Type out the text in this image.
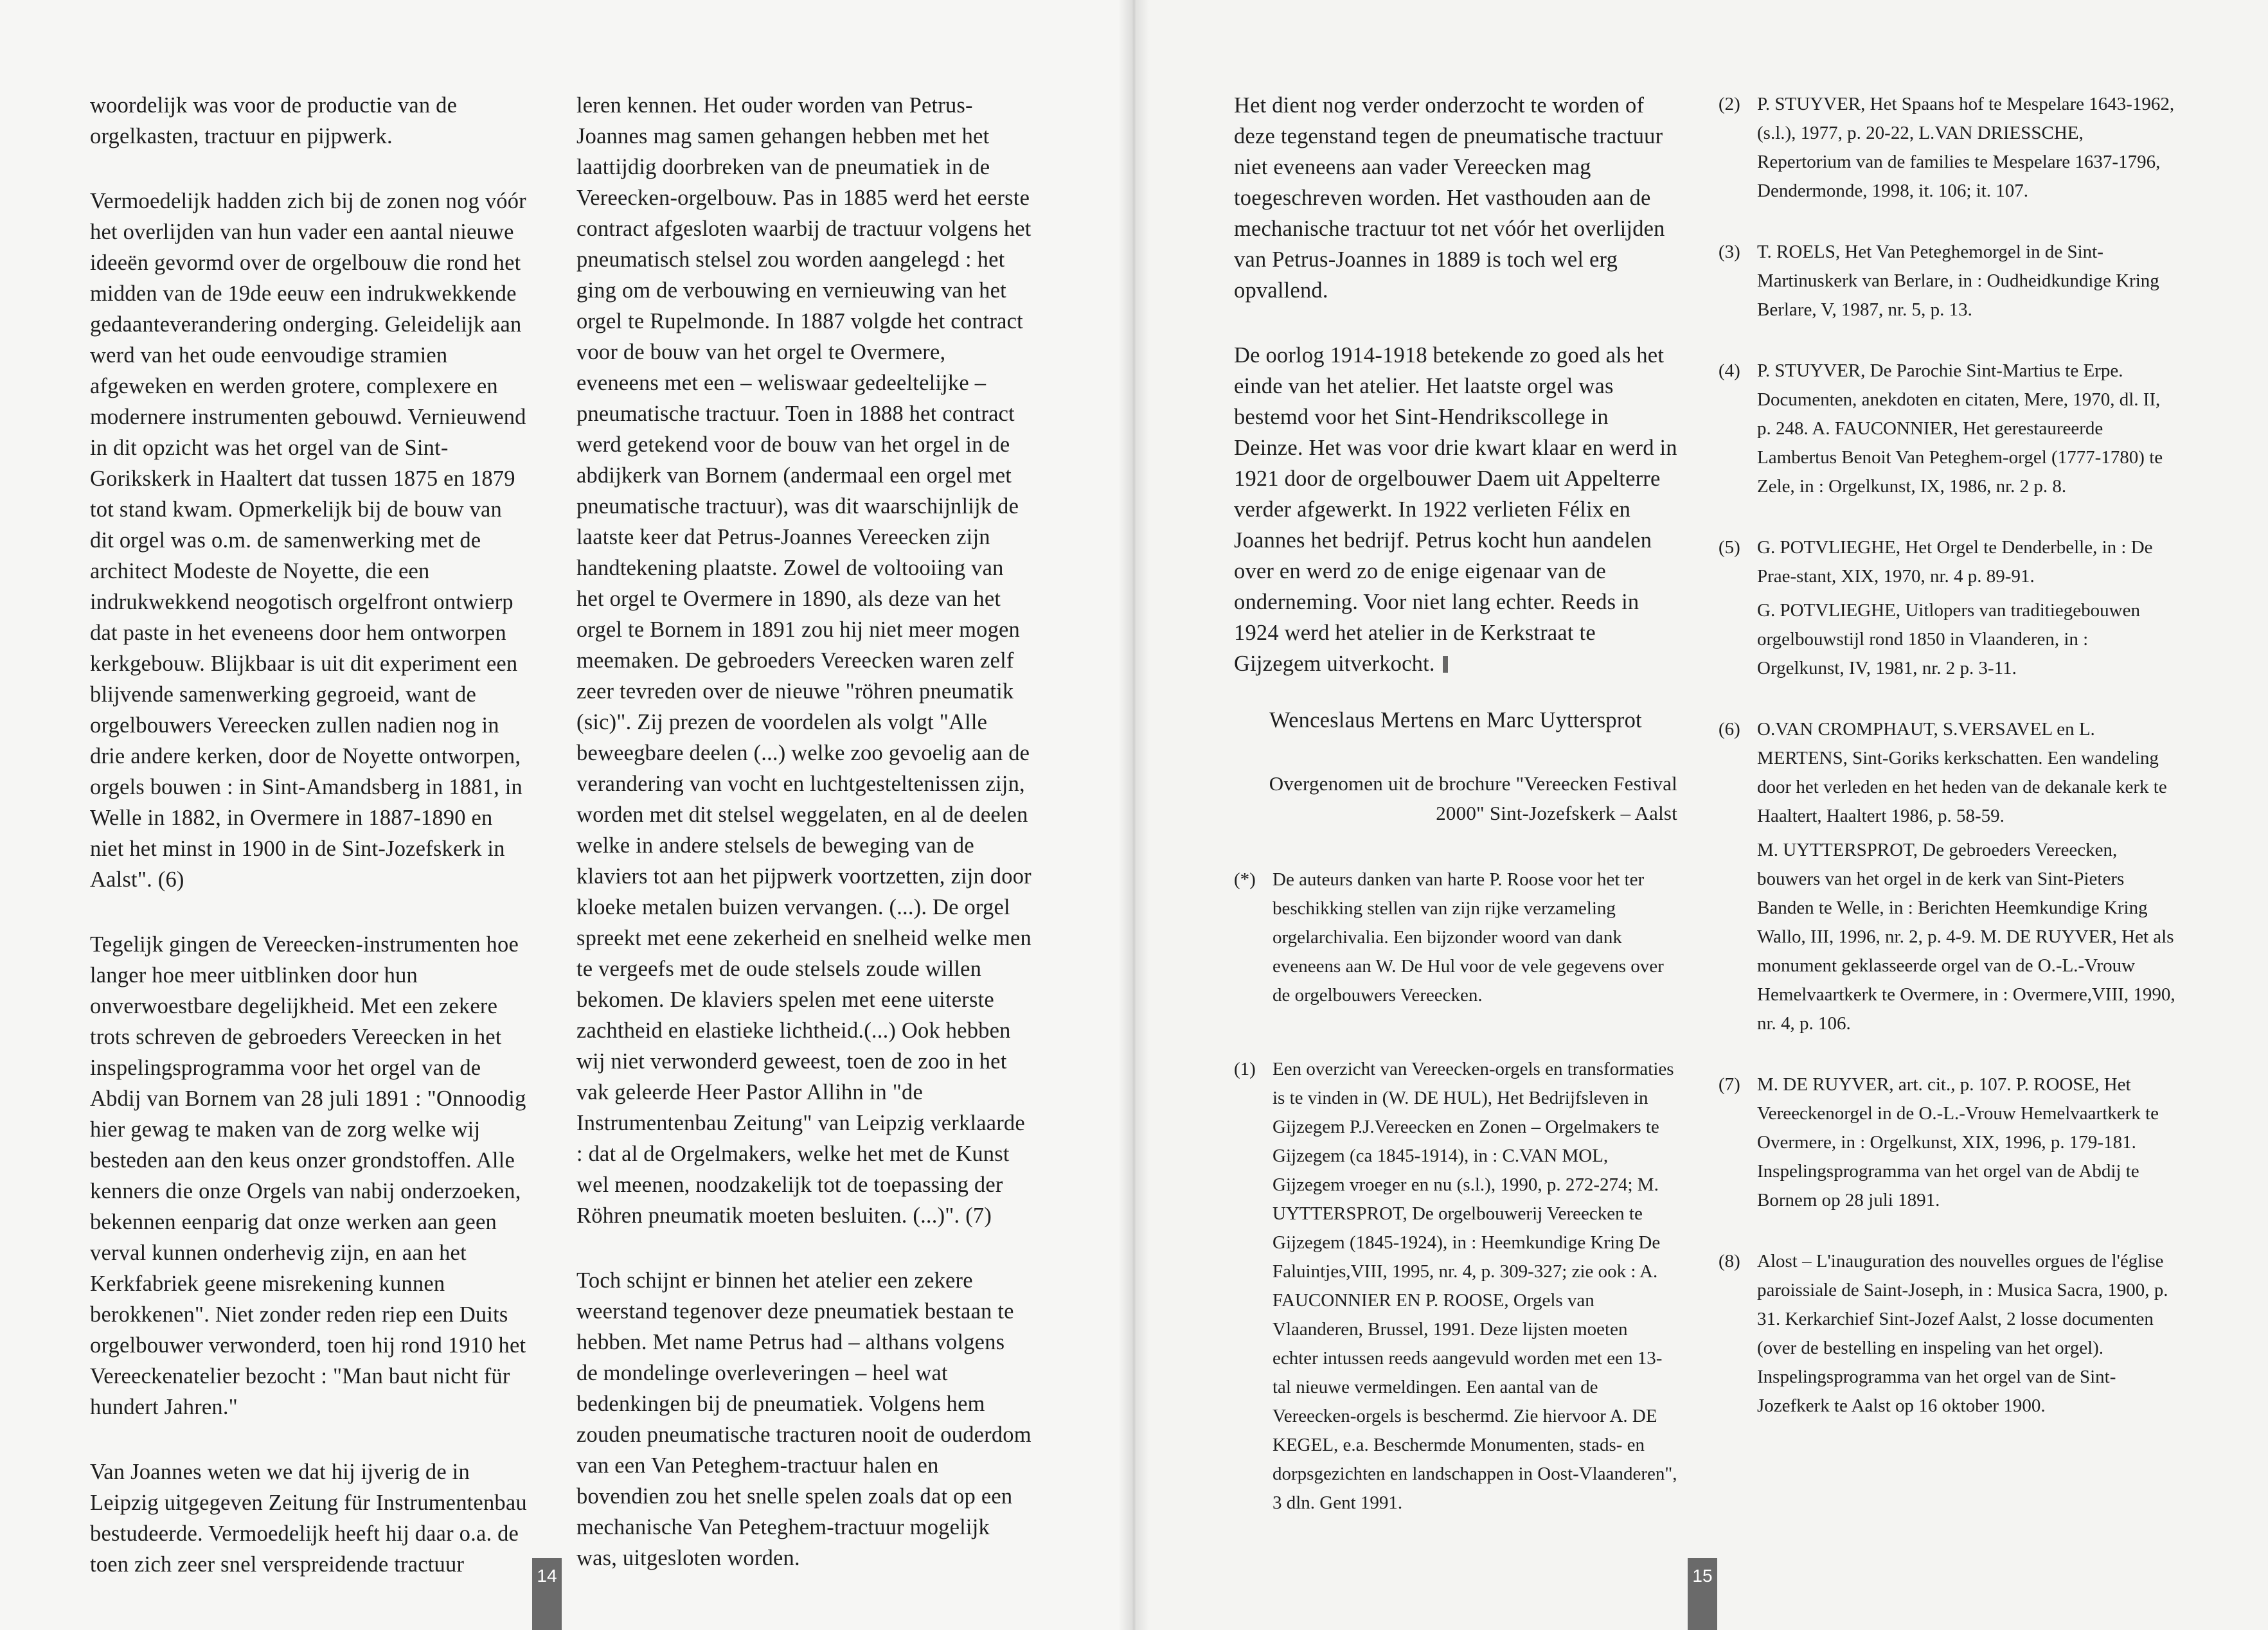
woordelijk was voor de productie van de orgelkasten, tractuur en pijpwerk.

Vermoedelijk hadden zich bij de zonen nog vóór het overlijden van hun vader een aantal nieuwe ideeën gevormd over de orgelbouw die rond het midden van de 19de eeuw een indrukwekkende gedaanteverandering onderging. Geleidelijk aan werd van het oude eenvoudige stramien afgeweken en werden grotere, complexere en modernere instrumenten gebouwd. Vernieuwend in dit opzicht was het orgel van de Sint-Gorikskerk in Haaltert dat tussen 1875 en 1879 tot stand kwam. Opmerkelijk bij de bouw van dit orgel was o.m. de samenwerking met de architect Modeste de Noyette, die een indrukwekkend neogotisch orgelfront ontwierp dat paste in het eveneens door hem ontworpen kerkgebouw. Blijkbaar is uit dit experiment een blijvende samenwerking gegroeid, want de orgelbouwers Vereecken zullen nadien nog in drie andere kerken, door de Noyette ontworpen, orgels bouwen : in Sint-Amandsberg in 1881, in Welle in 1882, in Overmere in 1887-1890 en niet het minst in 1900 in de Sint-Jozefskerk in Aalst". (6)

Tegelijk gingen de Vereecken-instrumenten hoe langer hoe meer uitblinken door hun onverwoestbare degelijkheid. Met een zekere trots schreven de gebroeders Vereecken in het inspelingsprogramma voor het orgel van de Abdij van Bornem van 28 juli 1891 : "Onnoodig hier gewag te maken van de zorg welke wij besteden aan den keus onzer grondstoffen. Alle kenners die onze Orgels van nabij onderzoeken, bekennen eenparig dat onze werken aan geen verval kunnen onderhevig zijn, en aan het Kerkfabriek geene misrekening kunnen berokkenen". Niet zonder reden riep een Duits orgelbouwer verwonderd, toen hij rond 1910 het Vereeckenatelier bezocht : "Man baut nicht für hundert Jahren."

Van Joannes weten we dat hij ijverig de in Leipzig uitgegeven Zeitung für Instrumentenbau bestudeerde. Vermoedelijk heeft hij daar o.a. de toen zich zeer snel verspreidende tractuur

leren kennen. Het ouder worden van Petrus-Joannes mag samen gehangen hebben met het laattijdig doorbreken van de pneumatiek in de Vereecken-orgelbouw. Pas in 1885 werd het eerste contract afgesloten waarbij de tractuur volgens het pneumatisch stelsel zou worden aangelegd : het ging om de verbouwing en vernieuwing van het orgel te Rupelmonde. In 1887 volgde het contract voor de bouw van het orgel te Overmere, eveneens met een – weliswaar gedeeltelijke – pneumatische tractuur. Toen in 1888 het contract werd getekend voor de bouw van het orgel in de abdijkerk van Bornem (andermaal een orgel met pneumatische tractuur), was dit waarschijnlijk de laatste keer dat Petrus-Joannes Vereecken zijn handtekening plaatste. Zowel de voltooiing van het orgel te Overmere in 1890, als deze van het orgel te Bornem in 1891 zou hij niet meer mogen meemaken. De gebroeders Vereecken waren zelf zeer tevreden over de nieuwe "röhren pneumatik (sic)". Zij prezen de voordelen als volgt "Alle beweegbare deelen (...) welke zoo gevoelig aan de verandering van vocht en luchtgesteltenissen zijn, worden met dit stelsel weggelaten, en al de deelen welke in andere stelsels de beweging van de klaviers tot aan het pijpwerk voortzetten, zijn door kloeke metalen buizen vervangen. (...). De orgel spreekt met eene zekerheid en snelheid welke men te vergeefs met de oude stelsels zoude willen bekomen. De klaviers spelen met eene uiterste zachtheid en elastieke lichtheid.(...) Ook hebben wij niet verwonderd geweest, toen de zoo in het vak geleerde Heer Pastor Allihn in "de Instrumentenbau Zeitung" van Leipzig verklaarde : dat al de Orgelmakers, welke het met de Kunst wel meenen, noodzakelijk tot de toepassing der Röhren pneumatik moeten besluiten. (...)". (7)

Toch schijnt er binnen het atelier een zekere weerstand tegenover deze pneumatiek bestaan te hebben. Met name Petrus had – althans volgens de mondelinge overleveringen – heel wat bedenkingen bij de pneumatiek. Volgens hem zouden pneumatische tracturen nooit de ouderdom van een Van Peteghem-tractuur halen en bovendien zou het snelle spelen zoals dat op een mechanische Van Peteghem-tractuur mogelijk was, uitgesloten worden.

14

Het dient nog verder onderzocht te worden of deze tegenstand tegen de pneumatische tractuur niet eveneens aan vader Vereecken mag toegeschreven worden. Het vasthouden aan de mechanische tractuur tot net vóór het overlijden van Petrus-Joannes in 1889 is toch wel erg opvallend.

De oorlog 1914-1918 betekende zo goed als het einde van het atelier. Het laatste orgel was bestemd voor het Sint-Hendrikscollege in Deinze. Het was voor drie kwart klaar en werd in 1921 door de orgelbouwer Daem uit Appelterre verder afgewerkt. In 1922 verlieten Félix en Joannes het bedrijf. Petrus kocht hun aandelen over en werd zo de enige eigenaar van de onderneming. Voor niet lang echter. Reeds in 1924 werd het atelier in de Kerkstraat te Gijzegem uitverkocht.

Wenceslaus Mertens en Marc Uyttersprot
Overgenomen uit de brochure "Vereecken Festival 2000" Sint-Jozefskerk – Aalst
(*) De auteurs danken van harte P. Roose voor het ter beschikking stellen van zijn rijke verzameling orgelarchivalia. Een bijzonder woord van dank eveneens aan W. De Hul voor de vele gegevens over de orgelbouwers Vereecken.
(1) Een overzicht van Vereecken-orgels en transformaties is te vinden in (W. DE HUL), Het Bedrijfsleven in Gijzegem P.J.Vereecken en Zonen – Orgelmakers te Gijzegem (ca 1845-1914), in : C.VAN MOL, Gijzegem vroeger en nu (s.l.), 1990, p. 272-274; M. UYTTERSPROT, De orgelbouwerij Vereecken te Gijzegem (1845-1924), in : Heemkundige Kring De Faluintjes,VIII, 1995, nr. 4, p. 309-327; zie ook : A. FAUCONNIER EN P. ROOSE, Orgels van Vlaanderen, Brussel, 1991. Deze lijsten moeten echter intussen reeds aangevuld worden met een 13-tal nieuwe vermeldingen. Een aantal van de Vereecken-orgels is beschermd. Zie hiervoor A. DE KEGEL, e.a. Beschermde Monumenten, stads- en dorpsgezichten en landschappen in Oost-Vlaanderen", 3 dln. Gent 1991.
(2) P. STUYVER, Het Spaans hof te Mespelare 1643-1962, (s.l.), 1977, p. 20-22, L.VAN DRIESSCHE, Repertorium van de families te Mespelare 1637-1796, Dendermonde, 1998, it. 106; it. 107.
(3) T. ROELS, Het Van Peteghemorgel in de Sint-Martinuskerk van Berlare, in : Oudheidkundige Kring Berlare, V, 1987, nr. 5, p. 13.
(4) P. STUYVER, De Parochie Sint-Martius te Erpe. Documenten, anekdoten en citaten, Mere, 1970, dl. II, p. 248. A. FAUCONNIER, Het gerestaureerde Lambertus Benoit Van Peteghem-orgel (1777-1780) te Zele, in : Orgelkunst, IX, 1986, nr. 2 p. 8.
(5) G. POTVLIEGHE, Het Orgel te Denderbelle, in : De Prae-stant, XIX, 1970, nr. 4 p. 89-91.
G. POTVLIEGHE, Uitlopers van traditiegebouwen orgelbouwstijl rond 1850 in Vlaanderen, in : Orgelkunst, IV, 1981, nr. 2 p. 3-11.
(6) O.VAN CROMPHAUT, S.VERSAVEL en L. MERTENS, Sint-Goriks kerkschatten. Een wandeling door het verleden en het heden van de dekanale kerk te Haaltert, Haaltert 1986, p. 58-59.
M. UYTTERSPROT, De gebroeders Vereecken, bouwers van het orgel in de kerk van Sint-Pieters Banden te Welle, in : Berichten Heemkundige Kring Wallo, III, 1996, nr. 2, p. 4-9. M. DE RUYVER, Het als monument geklasseerde orgel van de O.-L.-Vrouw Hemelvaartkerk te Overmere, in : Overmere,VIII, 1990, nr. 4, p. 106.
(7) M. DE RUYVER, art. cit., p. 107. P. ROOSE, Het Vereeckenorgel in de O.-L.-Vrouw Hemelvaartkerk te Overmere, in : Orgelkunst, XIX, 1996, p. 179-181. Inspelingsprogramma van het orgel van de Abdij te Bornem op 28 juli 1891.
(8) Alost – L'inauguration des nouvelles orgues de l'église paroissiale de Saint-Joseph, in : Musica Sacra, 1900, p. 31. Kerkarchief Sint-Jozef Aalst, 2 losse documenten (over de bestelling en inspeling van het orgel). Inspelingsprogramma van het orgel van de Sint-Jozefkerk te Aalst op 16 oktober 1900.
15
